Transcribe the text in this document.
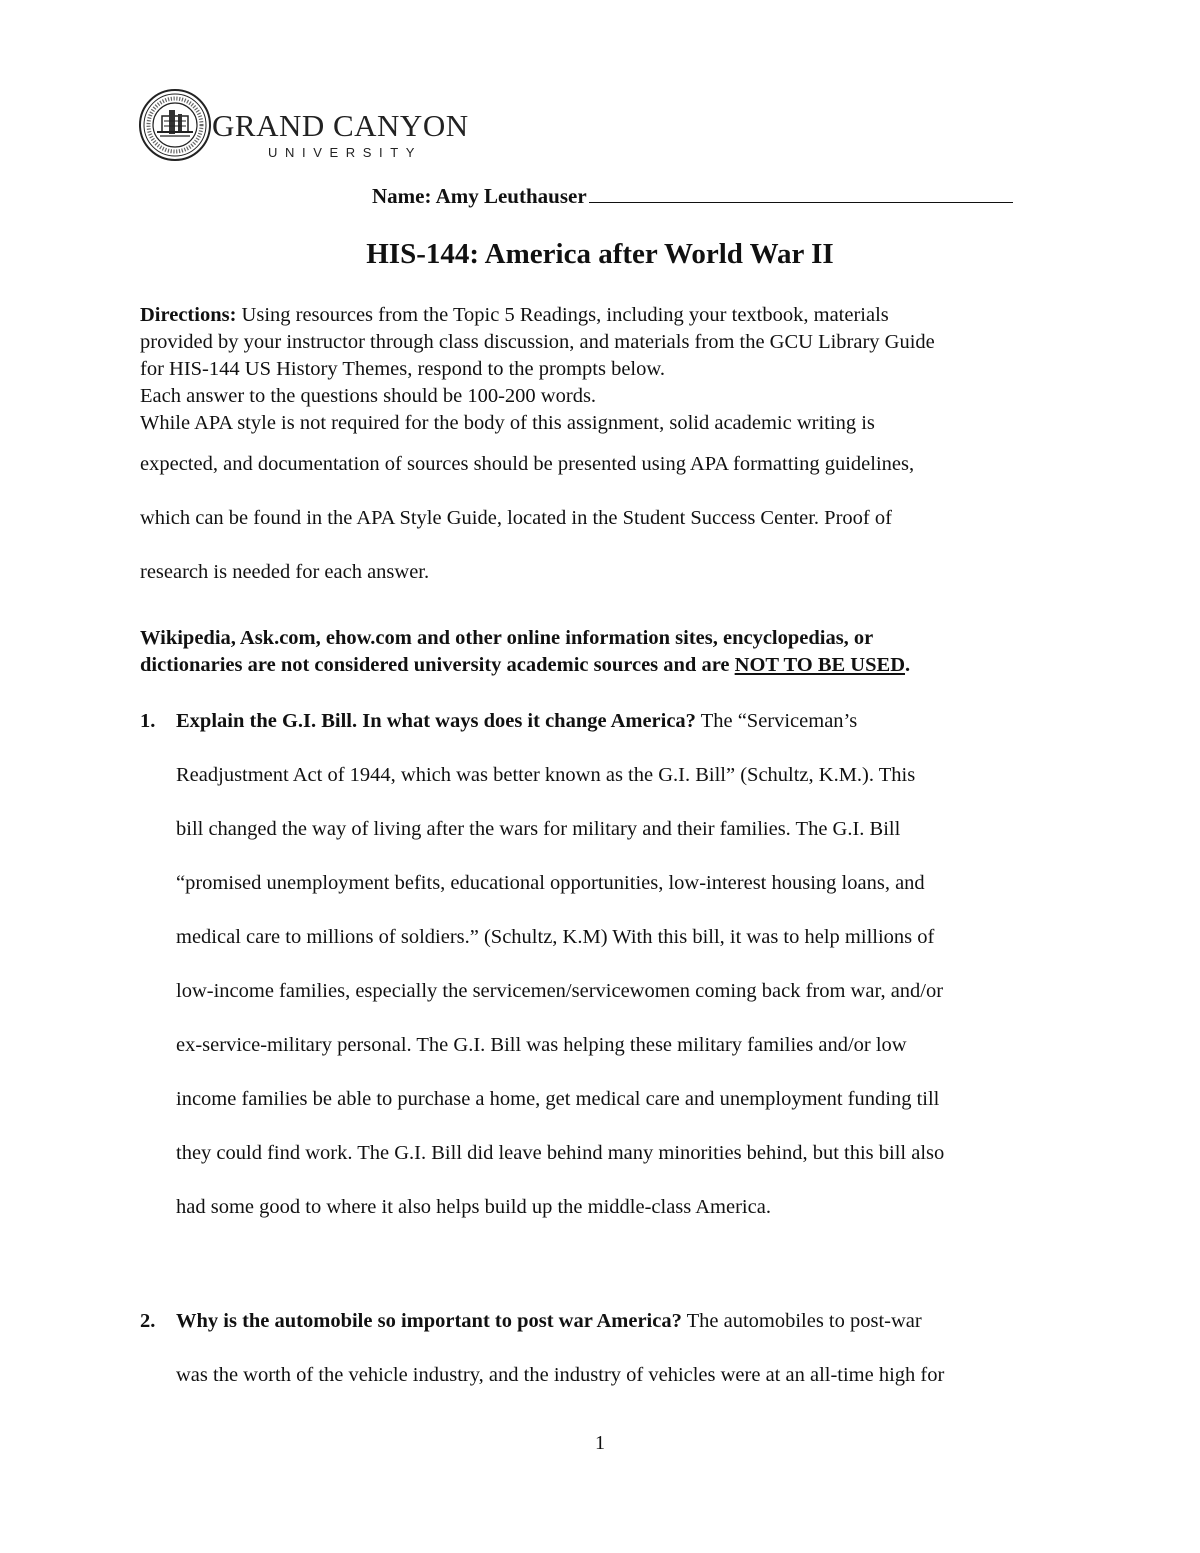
GRAND CANYON
UNIVERSITY
Name: Amy Leuthauser
HIS-144: America after World War II
Directions: Using resources from the Topic 5 Readings, including your textbook, materials
provided by your instructor through class discussion, and materials from the GCU Library Guide
for HIS-144 US History Themes, respond to the prompts below.
Each answer to the questions should be 100-200 words.
While APA style is not required for the body of this assignment, solid academic writing is
expected, and documentation of sources should be presented using APA formatting guidelines,
which can be found in the APA Style Guide, located in the Student Success Center. Proof of
research is needed for each answer.
Wikipedia, Ask.com, ehow.com and other online information sites, encyclopedias, or
dictionaries are not considered university academic sources and are NOT TO BE USED.
1. Explain the G.I. Bill. In what ways does it change America? The “Serviceman’s
Readjustment Act of 1944, which was better known as the G.I. Bill” (Schultz, K.M.). This
bill changed the way of living after the wars for military and their families. The G.I. Bill
“promised unemployment befits, educational opportunities, low-interest housing loans, and
medical care to millions of soldiers.” (Schultz, K.M) With this bill, it was to help millions of
low-income families, especially the servicemen/servicewomen coming back from war, and/or
ex-service-military personal. The G.I. Bill was helping these military families and/or low
income families be able to purchase a home, get medical care and unemployment funding till
they could find work. The G.I. Bill did leave behind many minorities behind, but this bill also
had some good to where it also helps build up the middle-class America.
2. Why is the automobile so important to post war America? The automobiles to post-war
was the worth of the vehicle industry, and the industry of vehicles were at an all-time high for
1
